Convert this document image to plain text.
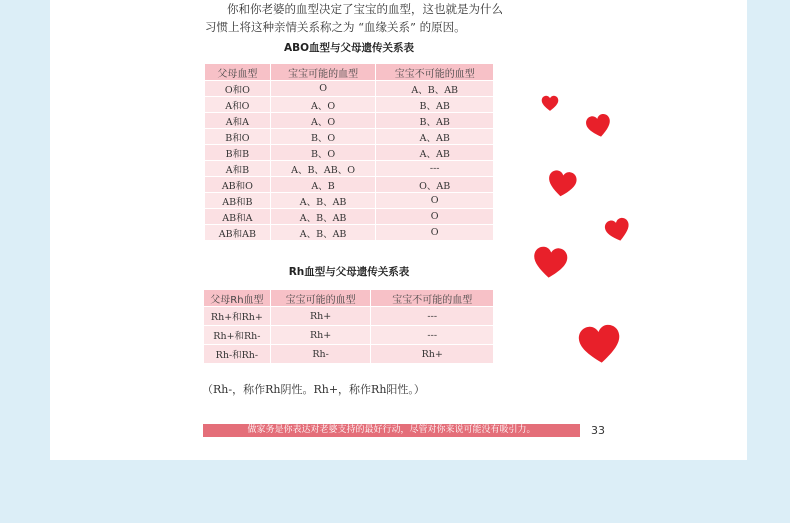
你和你老婆的血型决定了宝宝的血型，这也就是为什么

习惯上将这种亲情关系称之为 “血缘关系” 的原因。

ABO血型与父母遗传关系表
父母血型	宝宝可能的血型	宝宝不可能的血型
O和O	O	A、B、AB
A和O	A、O	B、AB
A和A	A、O	B、AB
B和O	B、O	A、AB
B和B	B、O	A、AB
A和B	A、B、AB、O	---
AB和O	A、B	O、AB
AB和B	A、B、AB	O
AB和A	A、B、AB	O
AB和AB	A、B、AB	O
Rh血型与父母遗传关系表
父母Rh血型	宝宝可能的血型	宝宝不可能的血型
Rh+和Rh+	Rh+	---
Rh+和Rh-	Rh+	---
Rh-和Rh-	Rh-	Rh+
（Rh-，称作Rh阴性。Rh+，称作Rh阳性。）
做家务是你表达对老婆支持的最好行动，尽管对你来说可能没有吸引力。	33
